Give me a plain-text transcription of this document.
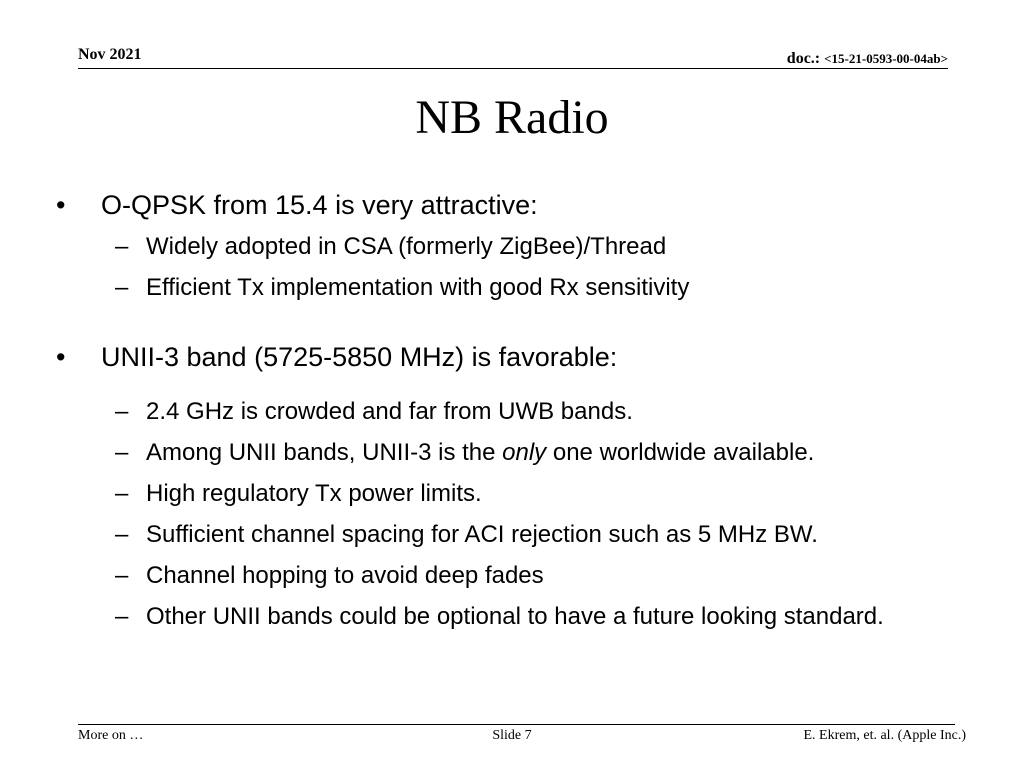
Nov 2021	doc.: <15-21-0593-00-04ab>
NB Radio
•	O-QPSK from 15.4 is very attractive:
– Widely adopted in CSA (formerly ZigBee)/Thread
– Efficient Tx implementation with good Rx sensitivity
•	UNII-3 band (5725-5850 MHz) is favorable:
– 2.4 GHz is crowded and far from UWB bands.
– Among UNII bands, UNII-3 is the only one worldwide available.
– High regulatory Tx power limits.
– Sufficient channel spacing for ACI rejection such as 5 MHz BW.
– Channel hopping to avoid deep fades
– Other UNII bands could be optional to have a future looking standard.
More on …	Slide 7	E. Ekrem, et. al. (Apple Inc.)
